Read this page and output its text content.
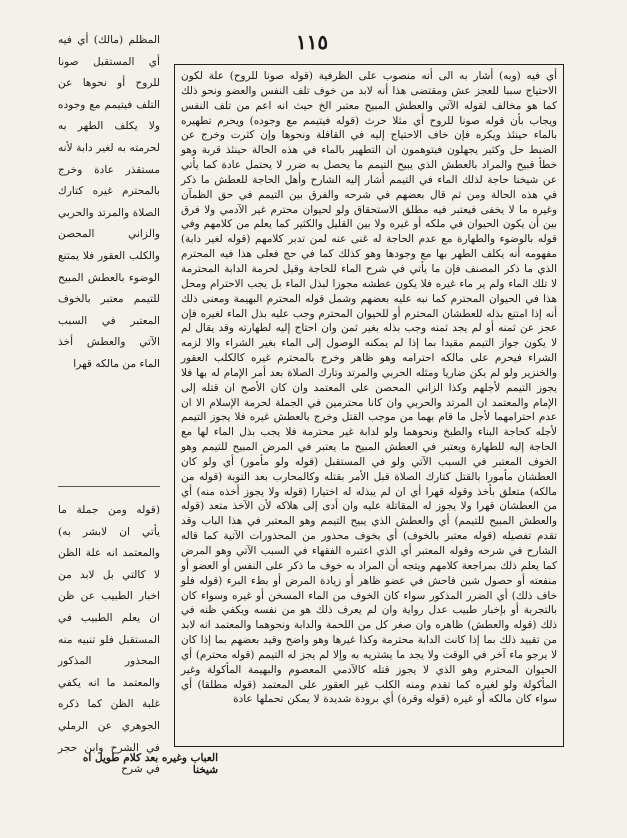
١١٥
المظلم (مالك) أي فيه أي المستقبل صونا للروح أو نحوها عن التلف فيتيمم مع وجوده ولا يكلف الطهر به لحرمته به لغير دابة لأنه مستقذر عادة وخرج بالمحترم غيره كتارك الصلاة والمرتد والحربي والزاني المحصن والكلب العقور فلا يمتنع الوضوء بالعطش المبيح للتيمم معتبر بالخوف المعتبر في السبب الآتي والعطش أخذ الماء من مالكه قهرا
(قوله ومن جملة ما يأتي ان لابشر به) والمعتمد انه علة الظن لا كالتي بل لابد من اخبار الطبيب عن ظن ان يعلم الطبيب في المستقبل فلو تنبيه منه المحذور المذكور والمعتمد ما انه يكفي غلبة الظن كما ذكره الجوهري عن الرملي في الشرح وابن حجر في شرح
أي فيه (وبه) أشار به الى أنه منصوب على الظرفية (قوله صونا للروح) علة لكون الاحتياج سببا للعجز عش ومقتضى هذا أنه لابد من خوف تلف النفس والعضو ونحو ذلك كما هو مخالف لقوله الآتي والعطش المبيح معتبر الخ حيث انه اعم من تلف النفس ويجاب بأن قوله صونا للروح أي مثلا حرث (قوله فيتيمم مع وجوده) ويحرم تطهيره بالماء حينئذ ويكره فإن خاف الاحتياج إليه في القافلة ونحوها وإن كثرت وخرج عن الضبط حل وكثير يجهلون فيتوهمون ان التطهير بالماء في هذه الحالة حينئذ قربة وهو خطأ قبيح والمراد بالعطش الذي يبيح التيمم ما يحصل به ضرر لا يحتمل عادة كما يأتي عن شيخنا حاجة لذلك الماء في التيمم أشار إليه الشارح وأهل الحاجة للعطش ما ذكر في هذه الحالة ومن ثم قال بعضهم في شرحه والفرق بين التيمم في حق الظمآن وغيره ما لا يخفى فيعتبر فيه مطلق الاستحقاق ولو لحيوان محترم غير الآدمي ولا فرق بين أن يكون الحيوان في ملكه أو غيره ولا بين القليل والكثير كما يعلم من كلامهم وفي قوله بالوضوء والطهارة مع عدم الحاجة له غنى عنه لمن تدبر كلامهم (قوله لغير دابة) مفهومه أنه يكلف الطهر بها مع وجودها وهو كذلك كما في حج فعلى هذا فيه المحترم الذي ما ذكر المصنف فإن ما يأتي في شرح الماء للحاجة وقيل لحرمة الدابة المحترمة لا تلك الماء ولم ير ماء غيره فلا يكون عطشه مجوزا لبذل الماء بل يجب الاحترام ومحل هذا في الحيوان المحترم كما نبه عليه بعضهم وشمل قوله المحترم البهيمة ومعنى ذلك أنه إذا امتنع بذله للعطشان المحترم أو للحيوان المحترم وجب عليه بذل الماء لغيره فإن عجز عن ثمنه أو لم يجد ثمنه وجب بذله بغير ثمن وان احتاج إليه لطهارته وقد يقال لم لا يكون جواز التيمم مقيدا بما إذا لم يمكنه الوصول إلى الماء بغير الشراء والا لزمه الشراء فيحرم على مالكه احترامه وهو ظاهر وخرج بالمحترم غيره كالكلب العقور والخنزير ولو لم يكن ضاريا ومثله الحربي والمرتد وتارك الصلاة بعد أمر الإمام له بها فلا يجوز التيمم لأجلهم وكذا الزاني المحصن على المعتمد وان كان الأصح ان قتله إلى الإمام والمعتمد ان المرتد والحربي وان كانا محترمين في الجملة لحرمة الإسلام الا ان عدم احترامهما لأجل ما قام بهما من موجب القتل وخرج بالعطش غيره فلا يجوز التيمم لأجله كحاجة البناء والطبخ ونحوهما ولو لدابة غير محترمة فلا يجب بذل الماء لها مع الحاجة إليه للطهارة ويعتبر في العطش المبيح ما يعتبر في المرض المبيح للتيمم وهو الخوف المعتبر في السبب الآتي ولو في المستقبل (قوله ولو مأمور) أي ولو كان العطشان مأمورا بالقتل كتارك الصلاة قبل الأمر بقتله وكالمحارب بعد التوبة (قوله من مالكه) متعلق بأخذ وقوله قهرا أي ان لم يبذله له اختيارا (قوله ولا يجوز أخذه منه) أي من العطشان قهرا ولا يجوز له المقاتلة عليه وان أدى إلى هلاكه لأن الآخذ متعد (قوله والعطش المبيح للتيمم) أي والعطش الذي يبيح التيمم وهو المعتبر في هذا الباب وقد تقدم تفصيله (قوله معتبر بالخوف) أي بخوف محذور من المحذورات الآتية كما قاله الشارح في شرحه وقوله المعتبر أي الذي اعتبره الفقهاء في السبب الآتي وهو المرض كما يعلم ذلك بمراجعة كلامهم ويتجه أن المراد به خوف ما ذكر على النفس أو العضو أو منفعته أو حصول شين فاحش في عضو ظاهر أو زيادة المرض أو بطء البرء (قوله فلو خاف ذلك) أي الضرر المذكور سواء كان الخوف من الماء المسخن أو غيره وسواء كان بالتجربة أو بإخبار طبيب عدل رواية وان لم يعرف ذلك هو من نفسه ويكفي ظنه في ذلك (قوله والعطش) ظاهره وان صغر كل من اللحمة والدابة ونحوهما والمعتمد انه لابد من تقييد ذلك بما إذا كانت الدابة محترمة وكذا غيرها وهو واضح وقيد بعضهم بما إذا كان لا يرجو ماء آخر في الوقت ولا يجد ما يشتريه به وإلا لم يجز له التيمم (قوله محترم) أي الحيوان المحترم وهو الذي لا يجوز قتله كالآدمي المعصوم والبهيمة المأكولة وغير المأكولة ولو لغيره كما تقدم ومنه الكلب غير العقور على المعتمد (قوله مطلقا) أي سواء كان مالكه أو غيره (قوله وقرة) أي برودة شديدة لا يمكن تحملها عادة
العباب وغيره بعد كلام طويل اه شيخنا
